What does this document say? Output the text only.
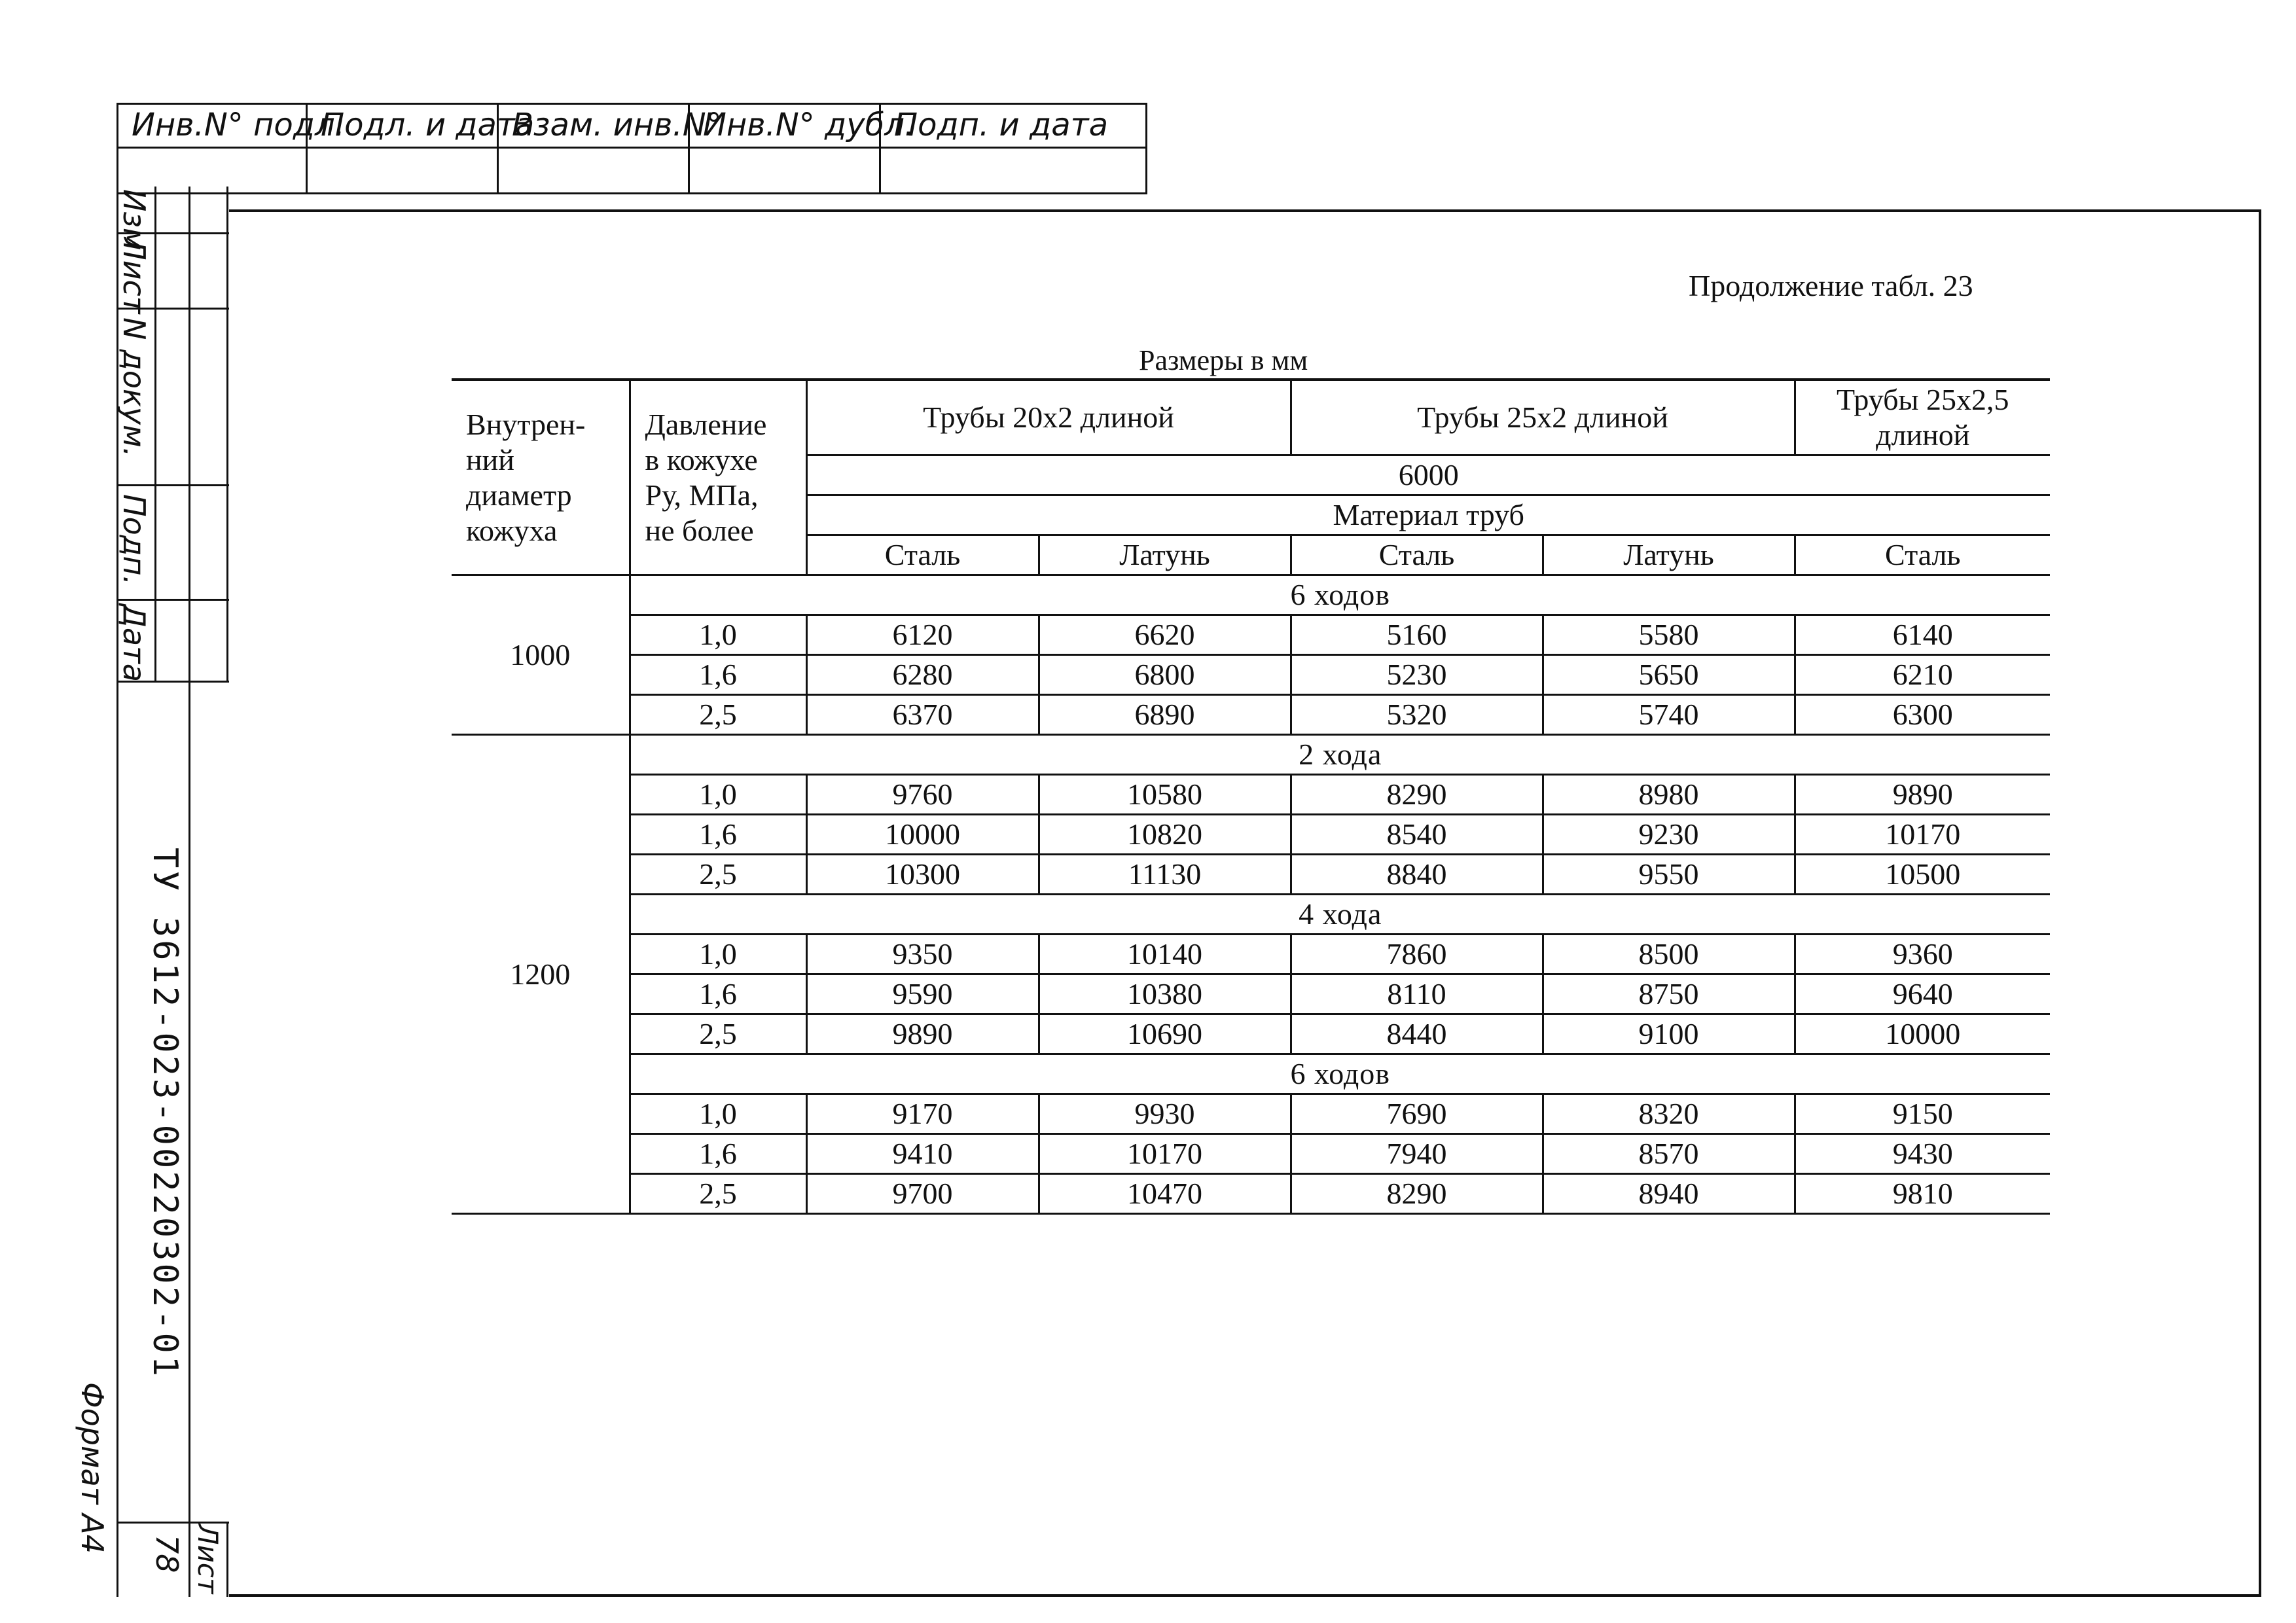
Инв.N° подл.
Подл. и дата
Взам. инв.N°
Инв.N° дубл.
Подп. и дата
Изм
Лист
N докум.
Подп.
Дата
ТУ 3612-023-00220302-01
Лист
78
Формат А4
Продолжение табл. 23
Размеры в мм
Внутрен-
ний
диаметр
кожуха	Давление
в кожухе
Ру, МПа,
не более	Трубы 20х2 длиной		Трубы 25х2 длиной		Трубы 25х2,5
длиной
		6000				
		Материал труб				
		Сталь	Латунь	Сталь	Латунь	Сталь
1000	6 ходов					
	1,0	6120	6620	5160	5580	6140
	1,6	6280	6800	5230	5650	6210
	2,5	6370	6890	5320	5740	6300
1200	2 хода					
	1,0	9760	10580	8290	8980	9890
	1,6	10000	10820	8540	9230	10170
	2,5	10300	11130	8840	9550	10500
	4 хода					
	1,0	9350	10140	7860	8500	9360
	1,6	9590	10380	8110	8750	9640
	2,5	9890	10690	8440	9100	10000
	6 ходов					
	1,0	9170	9930	7690	8320	9150
	1,6	9410	10170	7940	8570	9430
	2,5	9700	10470	8290	8940	9810
